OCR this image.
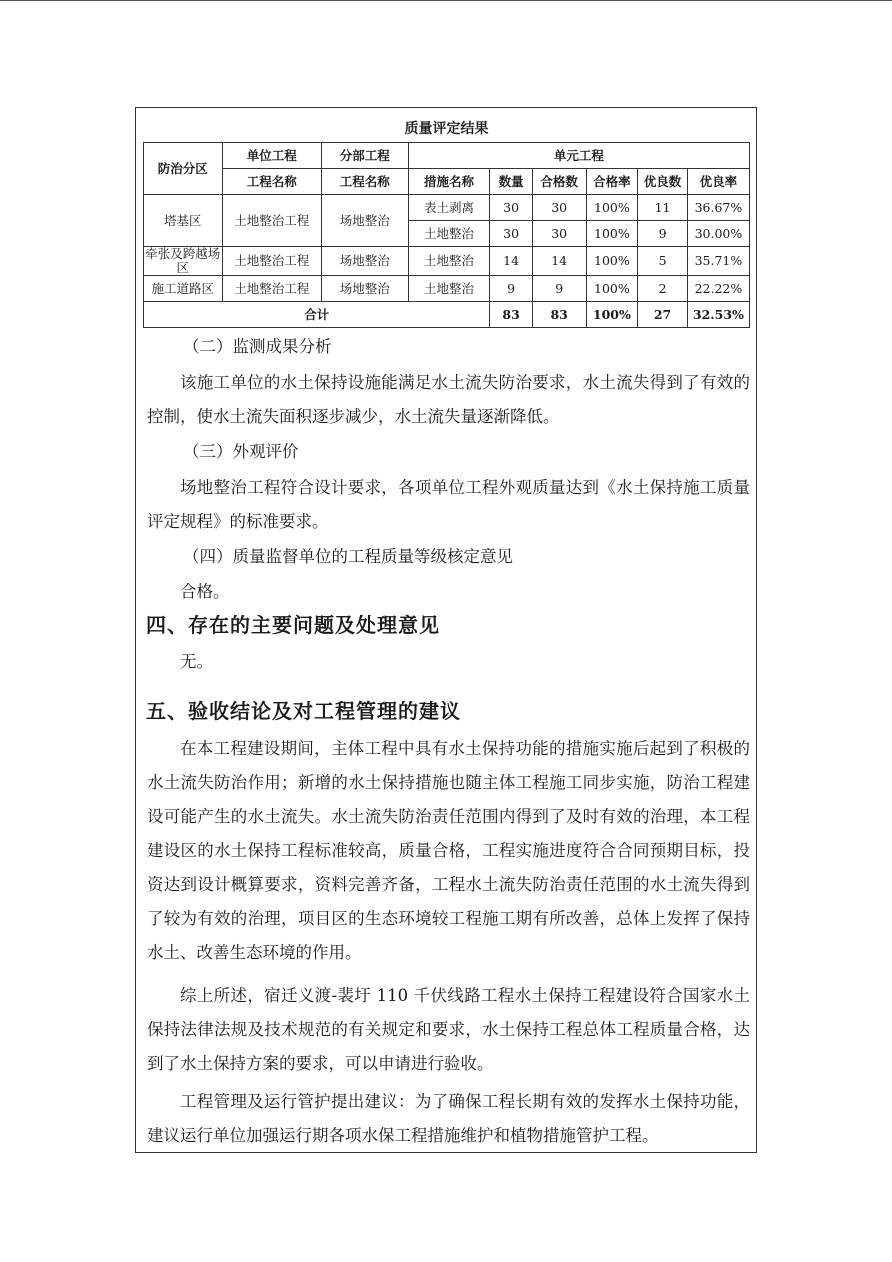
质量评定结果								
防治分区	单位工程	分部工程	单元工程					
	工程名称	工程名称	措施名称	数量	合格数	合格率	优良数	优良率
塔基区	土地整治工程	场地整治	表土剥离	30	30	100%	11	36.67%
			土地整治	30	30	100%	9	30.00%
牵张及跨越场区	土地整治工程	场地整治	土地整治	14	14	100%	5	35.71%
施工道路区	土地整治工程	场地整治	土地整治	9	9	100%	2	22.22%
合计				83	83	100%	27	32.53%
（二）监测成果分析
该施工单位的水土保持设施能满足水土流失防治要求，水土流失得到了有效的控制，使水土流失面积逐步减少，水土流失量逐渐降低。
（三）外观评价
场地整治工程符合设计要求，各项单位工程外观质量达到《水土保持施工质量评定规程》的标准要求。
（四）质量监督单位的工程质量等级核定意见
合格。
四、存在的主要问题及处理意见
无。
五、验收结论及对工程管理的建议
在本工程建设期间，主体工程中具有水土保持功能的措施实施后起到了积极的水土流失防治作用；新增的水土保持措施也随主体工程施工同步实施，防治工程建设可能产生的水土流失。水土流失防治责任范围内得到了及时有效的治理，本工程建设区的水土保持工程标准较高，质量合格，工程实施进度符合合同预期目标，投资达到设计概算要求，资料完善齐备，工程水土流失防治责任范围的水土流失得到了较为有效的治理，项目区的生态环境较工程施工期有所改善，总体上发挥了保持水土、改善生态环境的作用。
综上所述，宿迁义渡-裴圩 110 千伏线路工程水土保持工程建设符合国家水土保持法律法规及技术规范的有关规定和要求，水土保持工程总体工程质量合格，达到了水土保持方案的要求，可以申请进行验收。
工程管理及运行管护提出建议：为了确保工程长期有效的发挥水土保持功能，建议运行单位加强运行期各项水保工程措施维护和植物措施管护工程。
